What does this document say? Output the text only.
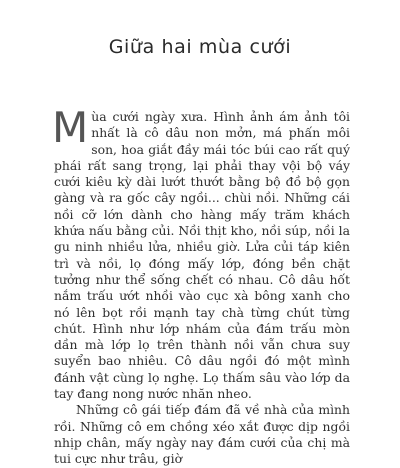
Giữa hai mùa cưới

Mùa cưới ngày xưa. Hình ảnh ám ảnh tôi nhất là cô dâu non mởn, má phấn môi son, hoa giắt đầy mái tóc búi cao rất quý phái rất sang trọng, lại phải thay vội bộ váy cưới kiêu kỳ dài lướt thướt bằng bộ đồ bộ gọn gàng và ra gốc cây ngồi... chùi nồi. Những cái nồi cỡ lớn dành cho hàng mấy trăm khách khứa nấu bằng củi. Nồi thịt kho, nồi súp, nồi la gu ninh nhiều lửa, nhiều giờ. Lửa củi táp kiên trì và nồi, lọ đóng mấy lớp, đóng bền chặt tưởng như thể sống chết có nhau. Cô dâu hốt nắm trấu ướt nhồi vào cục xà bông xanh cho nó lên bọt rồi mạnh tay chà từng chút từng chút. Hình như lớp nhám của đám trấu mòn dần mà lớp lọ trên thành nồi vẫn chưa suy suyển bao nhiêu. Cô dâu ngồi đó một mình đánh vật cùng lọ nghẹ. Lọ thấm sâu vào lớp da tay đang nong nước nhăn nheo.

Những cô gái tiếp đám đã về nhà của mình rồi. Những cô em chồng xéo xắt được dịp ngồi nhịp chân, mấy ngày nay đám cưới của chị mà tui cực như trâu, giờ
